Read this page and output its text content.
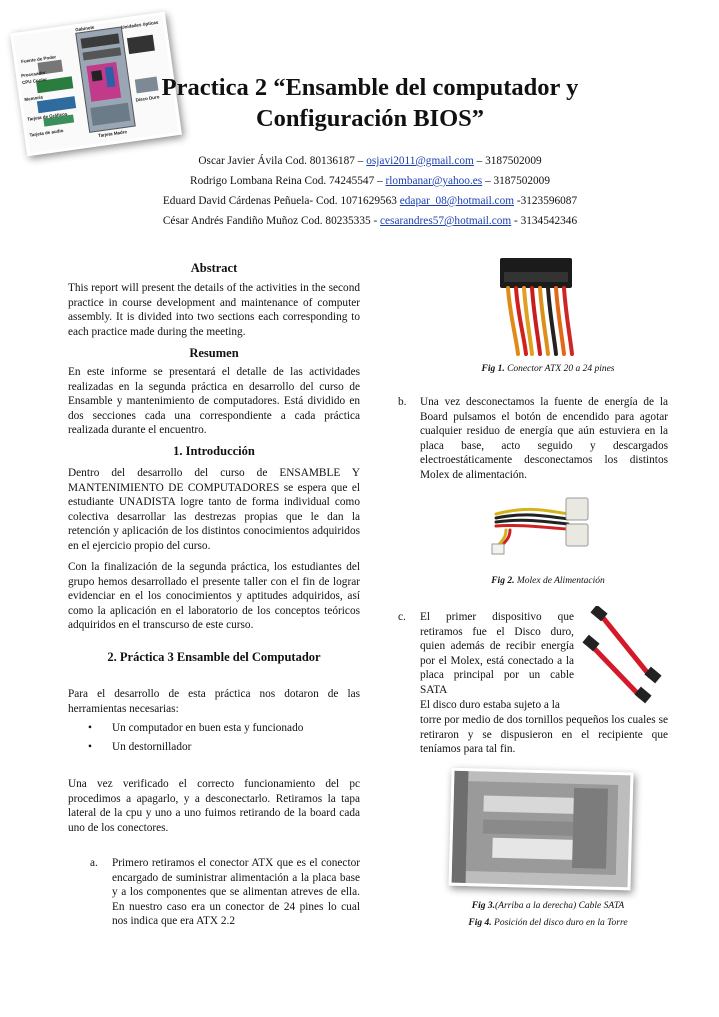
Gabinete	Unidades ópticas
Fuente de Poder
Procesador
CPU Cooler
Memoria
Tarjeta de Gráficos
Disco Duro
Tarjeta de audio	Tarjeta Madre
Practica 2 “Ensamble del computador y Configuración BIOS”
Oscar Javier Ávila Cod. 80136187 – osjavi2011@gmail.com – 3187502009
Rodrigo Lombana Reina Cod. 74245547 – rlombanar@yahoo.es – 3187502009
Eduard David Cárdenas Peñuela- Cod. 1071629563 edapar_08@hotmail.com -3123596087
César Andrés Fandiño Muñoz Cod. 80235335 - cesarandres57@hotmail.com - 3134542346
Abstract
This report will present the details of the activities in the second practice in course development and maintenance of computer assembly. It is divided into two sections each corresponding to each practice made during the meeting.
Resumen
En este informe se presentará el detalle de las actividades realizadas en la segunda práctica en desarrollo del curso de Ensamble y mantenimiento de computadores. Está dividido en dos secciones cada una correspondiente a cada práctica realizada durante el encuentro.
1. Introducción
Dentro del desarrollo del curso de ENSAMBLE Y MANTENIMIENTO DE COMPUTADORES se espera que el estudiante UNADISTA logre tanto de forma individual como colectiva desarrollar las destrezas propias que le dan la retención y aplicación de los distintos conocimientos adquiridos en el ejercicio propio del curso.
Con la finalización de la segunda práctica, los estudiantes del grupo hemos desarrollado el presente taller con el fin de lograr evidenciar en el los conocimientos y aptitudes adquiridos, así como la aplicación en el laboratorio de los conceptos teóricos adquiridos en el transcurso de este curso.
2. Práctica 3 Ensamble del Computador
Para el desarrollo de esta práctica nos dotaron de las herramientas necesarias:
•	Un computador en buen esta y funcionado
•	Un destornillador
Una vez verificado el correcto funcionamiento del pc procedimos a apagarlo, y a desconectarlo. Retiramos la tapa lateral de la cpu y uno a uno fuimos retirando de la board cada uno de los conectores.
a.	Primero retiramos el conector ATX que es el conector encargado de suministrar alimentación a la placa base y a los componentes que se alimentan atreves de ella. En nuestro caso era un conector de 24 pines lo cual nos indica que era ATX 2.2
Fig 1. Conector ATX 20 a 24 pines
b.	Una vez desconectamos la fuente de energía de la Board pulsamos el botón de encendido para agotar cualquier residuo de energía que aún estuviera en la placa base, acto seguido y descargados electroestáticamente desconectamos los distintos Molex de alimentación.
Fig 2. Molex de Alimentación
c.	El primer dispositivo que retiramos fue el Disco duro, quien además de recibir energía por el Molex, está conectado a la placa principal por un cable SATA
El disco duro estaba sujeto a la
torre por medio de dos tornillos pequeños los cuales se retiraron y se dispusieron en el recipiente que teníamos para tal fin.
Fig 3.(Arriba a la derecha) Cable SATA
Fig 4. Posición del disco duro en la Torre
